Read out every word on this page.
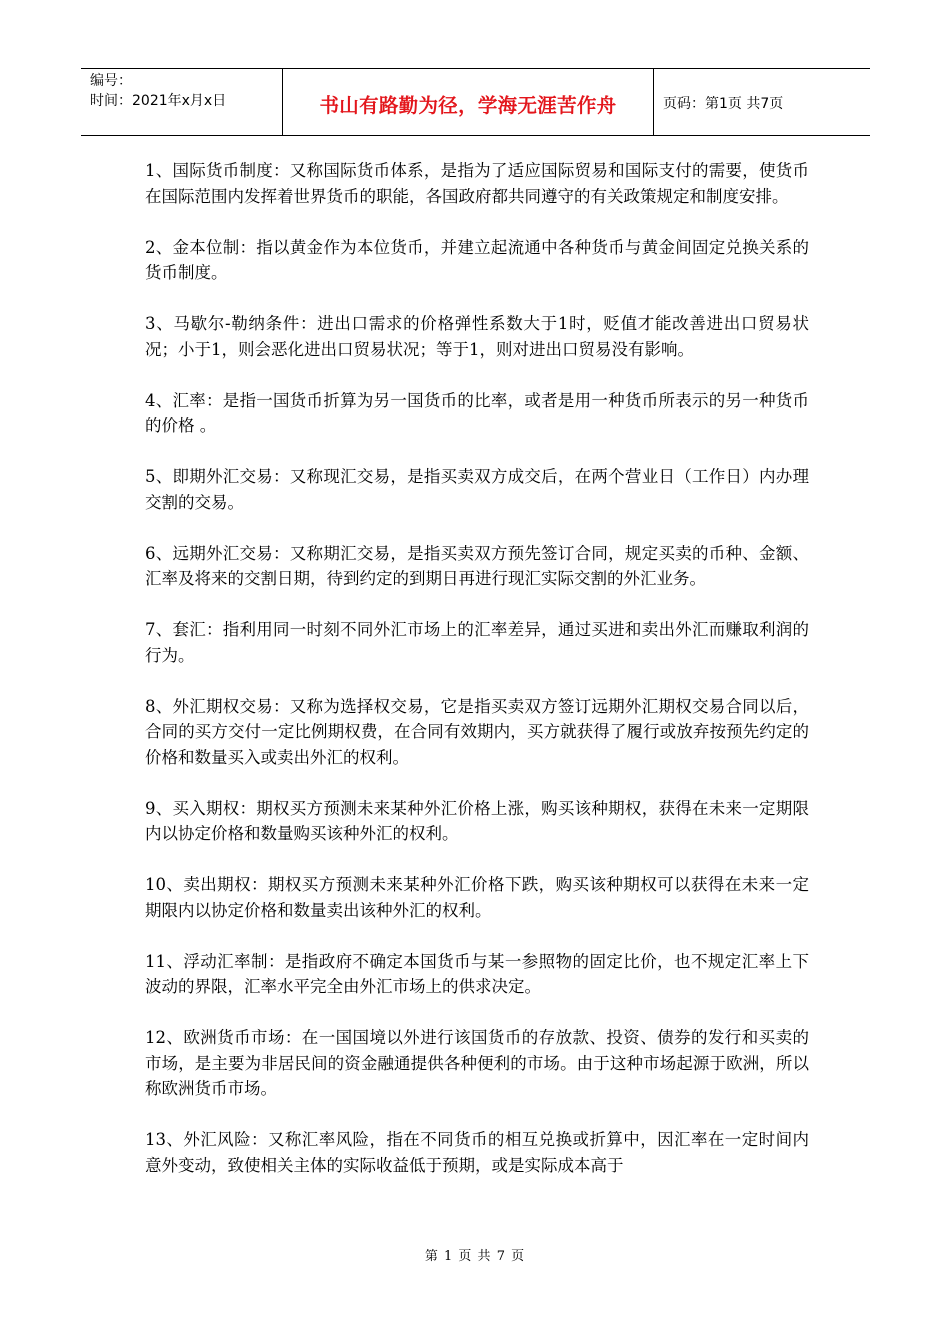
编号：
时间：2021年x月x日	书山有路勤为径，学海无涯苦作舟	页码：第1页 共7页

1、国际货币制度：又称国际货币体系，是指为了适应国际贸易和国际支付的需要，使货币在国际范围内发挥着世界货币的职能，各国政府都共同遵守的有关政策规定和制度安排。

2、金本位制：指以黄金作为本位货币，并建立起流通中各种货币与黄金间固定兑换关系的货币制度。

3、马歇尔-勒纳条件：进出口需求的价格弹性系数大于1时，贬值才能改善进出口贸易状况；小于1，则会恶化进出口贸易状况；等于1，则对进出口贸易没有影响。

4、汇率：是指一国货币折算为另一国货币的比率，或者是用一种货币所表示的另一种货币的价格 。

5、即期外汇交易：又称现汇交易，是指买卖双方成交后，在两个营业日（工作日）内办理交割的交易。

6、远期外汇交易：又称期汇交易，是指买卖双方预先签订合同，规定买卖的币种、金额、汇率及将来的交割日期，待到约定的到期日再进行现汇实际交割的外汇业务。

7、套汇：指利用同一时刻不同外汇市场上的汇率差异，通过买进和卖出外汇而赚取利润的行为。

8、外汇期权交易：又称为选择权交易，它是指买卖双方签订远期外汇期权交易合同以后，合同的买方交付一定比例期权费，在合同有效期内，买方就获得了履行或放弃按预先约定的价格和数量买入或卖出外汇的权利。

9、买入期权：期权买方预测未来某种外汇价格上涨，购买该种期权，获得在未来一定期限内以协定价格和数量购买该种外汇的权利。

10、卖出期权：期权买方预测未来某种外汇价格下跌，购买该种期权可以获得在未来一定期限内以协定价格和数量卖出该种外汇的权利。

11、浮动汇率制：是指政府不确定本国货币与某一参照物的固定比价，也不规定汇率上下波动的界限，汇率水平完全由外汇市场上的供求决定。

12、欧洲货币市场：在一国国境以外进行该国货币的存放款、投资、债券的发行和买卖的市场，是主要为非居民间的资金融通提供各种便利的市场。由于这种市场起源于欧洲，所以称欧洲货币市场。

13、外汇风险：又称汇率风险，指在不同货币的相互兑换或折算中，因汇率在一定时间内意外变动，致使相关主体的实际收益低于预期，或是实际成本高于

第 1 页 共 7 页
